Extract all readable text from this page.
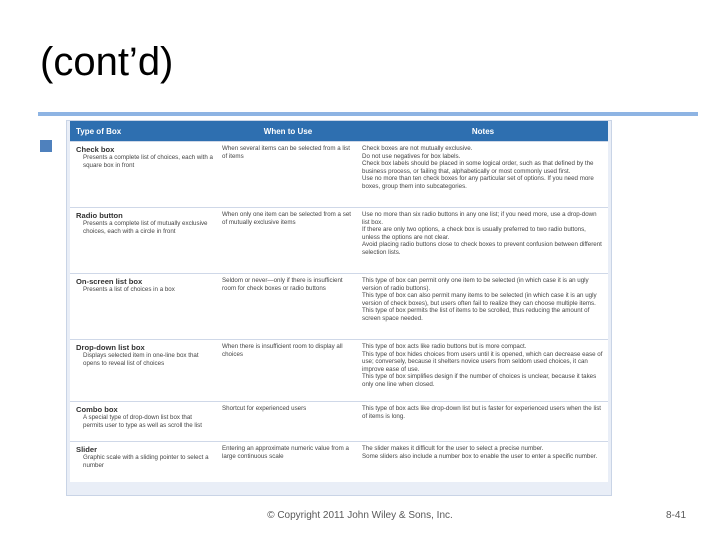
(cont’d)
Type of Box	When to Use	Notes

Check box
Presents a complete list of choices, each with a square box in front	When several items can be selected from a list of items	Check boxes are not mutually exclusive.
Do not use negatives for box labels.
Check box labels should be placed in some logical order, such as that defined by the business process, or failing that, alphabetically or most commonly used first.
Use no more than ten check boxes for any particular set of options. If you need more boxes, group them into subcategories.

Radio button
Presents a complete list of mutually exclusive choices, each with a circle in front	When only one item can be selected from a set of mutually exclusive items	Use no more than six radio buttons in any one list; if you need more, use a drop-down list box.
If there are only two options, a check box is usually preferred to two radio buttons, unless the options are not clear.
Avoid placing radio buttons close to check boxes to prevent confusion between different selection lists.

On-screen list box
Presents a list of choices in a box	Seldom or never—only if there is insufficient room for check boxes or radio buttons	This type of box can permit only one item to be selected (in which case it is an ugly version of radio buttons).
This type of box can also permit many items to be selected (in which case it is an ugly version of check boxes), but users often fail to realize they can choose multiple items.
This type of box permits the list of items to be scrolled, thus reducing the amount of screen space needed.

Drop-down list box
Displays selected item in one-line box that opens to reveal list of choices	When there is insufficient room to display all choices	This type of box acts like radio buttons but is more compact.
This type of box hides choices from users until it is opened, which can decrease ease of use; conversely, because it shelters novice users from seldom used choices, it can improve ease of use.
This type of box simplifies design if the number of choices is unclear, because it takes only one line when closed.

Combo box
A special type of drop-down list box that permits user to type as well as scroll the list	Shortcut for experienced users	This type of box acts like drop-down list but is faster for experienced users when the list of items is long.

Slider
Graphic scale with a sliding pointer to select a number	Entering an approximate numeric value from a large continuous scale	The slider makes it difficult for the user to select a precise number.
Some sliders also include a number box to enable the user to enter a specific number.
© Copyright 2011 John Wiley & Sons, Inc.	8-41
